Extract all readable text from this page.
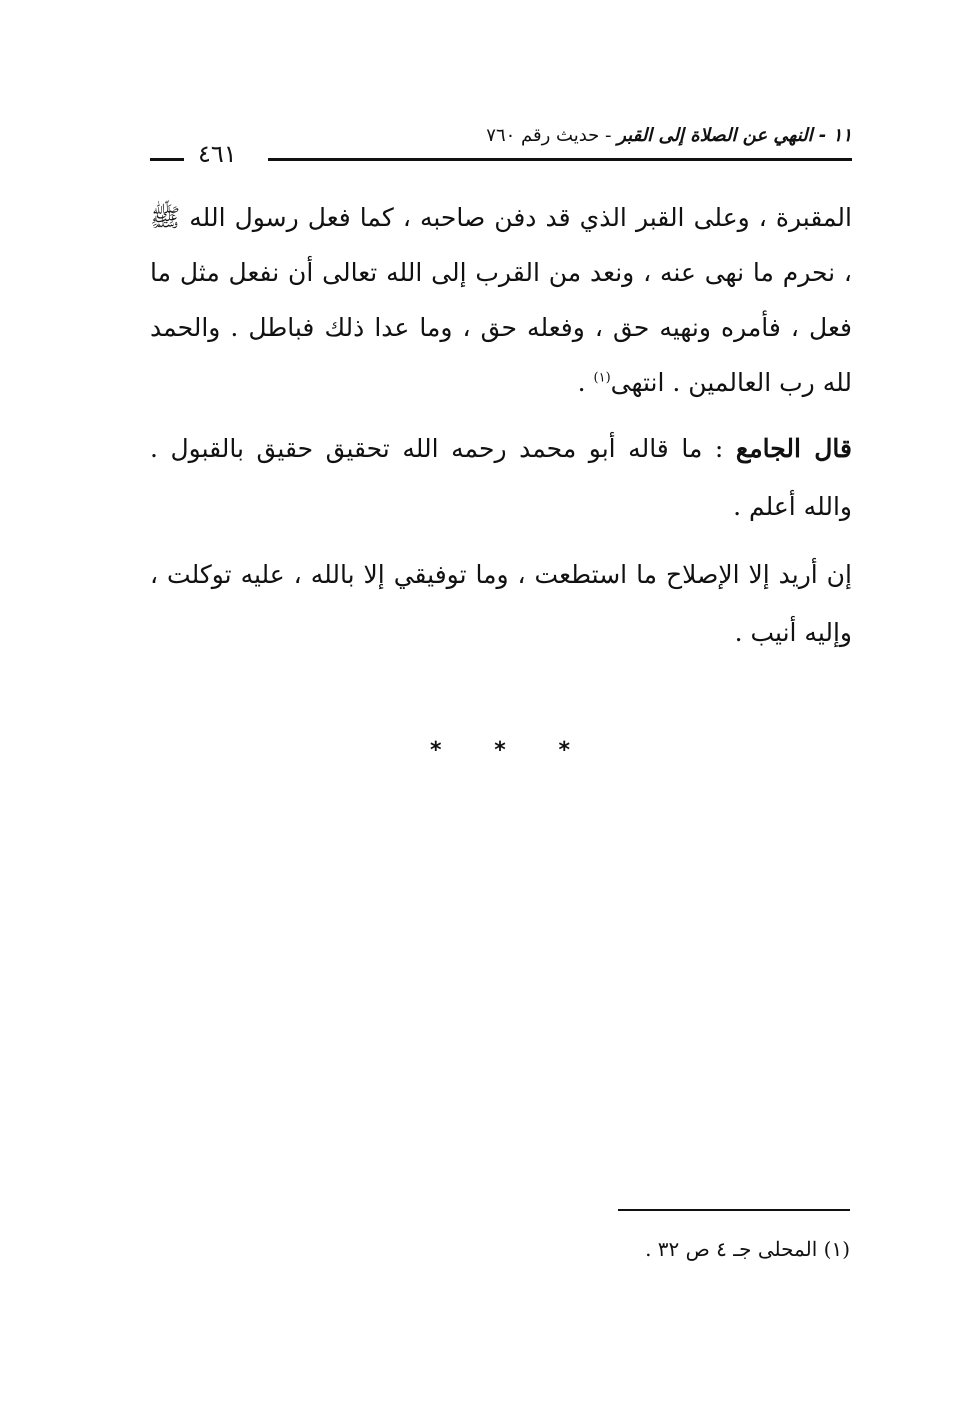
١١ - النهي عن الصلاة إلى القبر - حديث رقم ٧٦٠
٤٦١

المقبرة ، وعلى القبر الذي قد دفن صاحبه ، كما فعل رسول الله ﷺ ، نحرم ما نهى عنه ، ونعد من القرب إلى الله تعالى أن نفعل مثل ما فعل ، فأمره ونهيه حق ، وفعله حق ، وما عدا ذلك فباطل . والحمد لله رب العالمين . انتهى$^{(١)}$ .

قال الجامع : ما قاله أبو محمد رحمه الله تحقيق حقيق بالقبول . والله أعلم .

إن أريد إلا الإصلاح ما استطعت ، وما توفيقي إلا بالله ، عليه توكلت ، وإليه أنيب .

* * *
(١) المحلى جـ ٤ ص ٣٢ .
